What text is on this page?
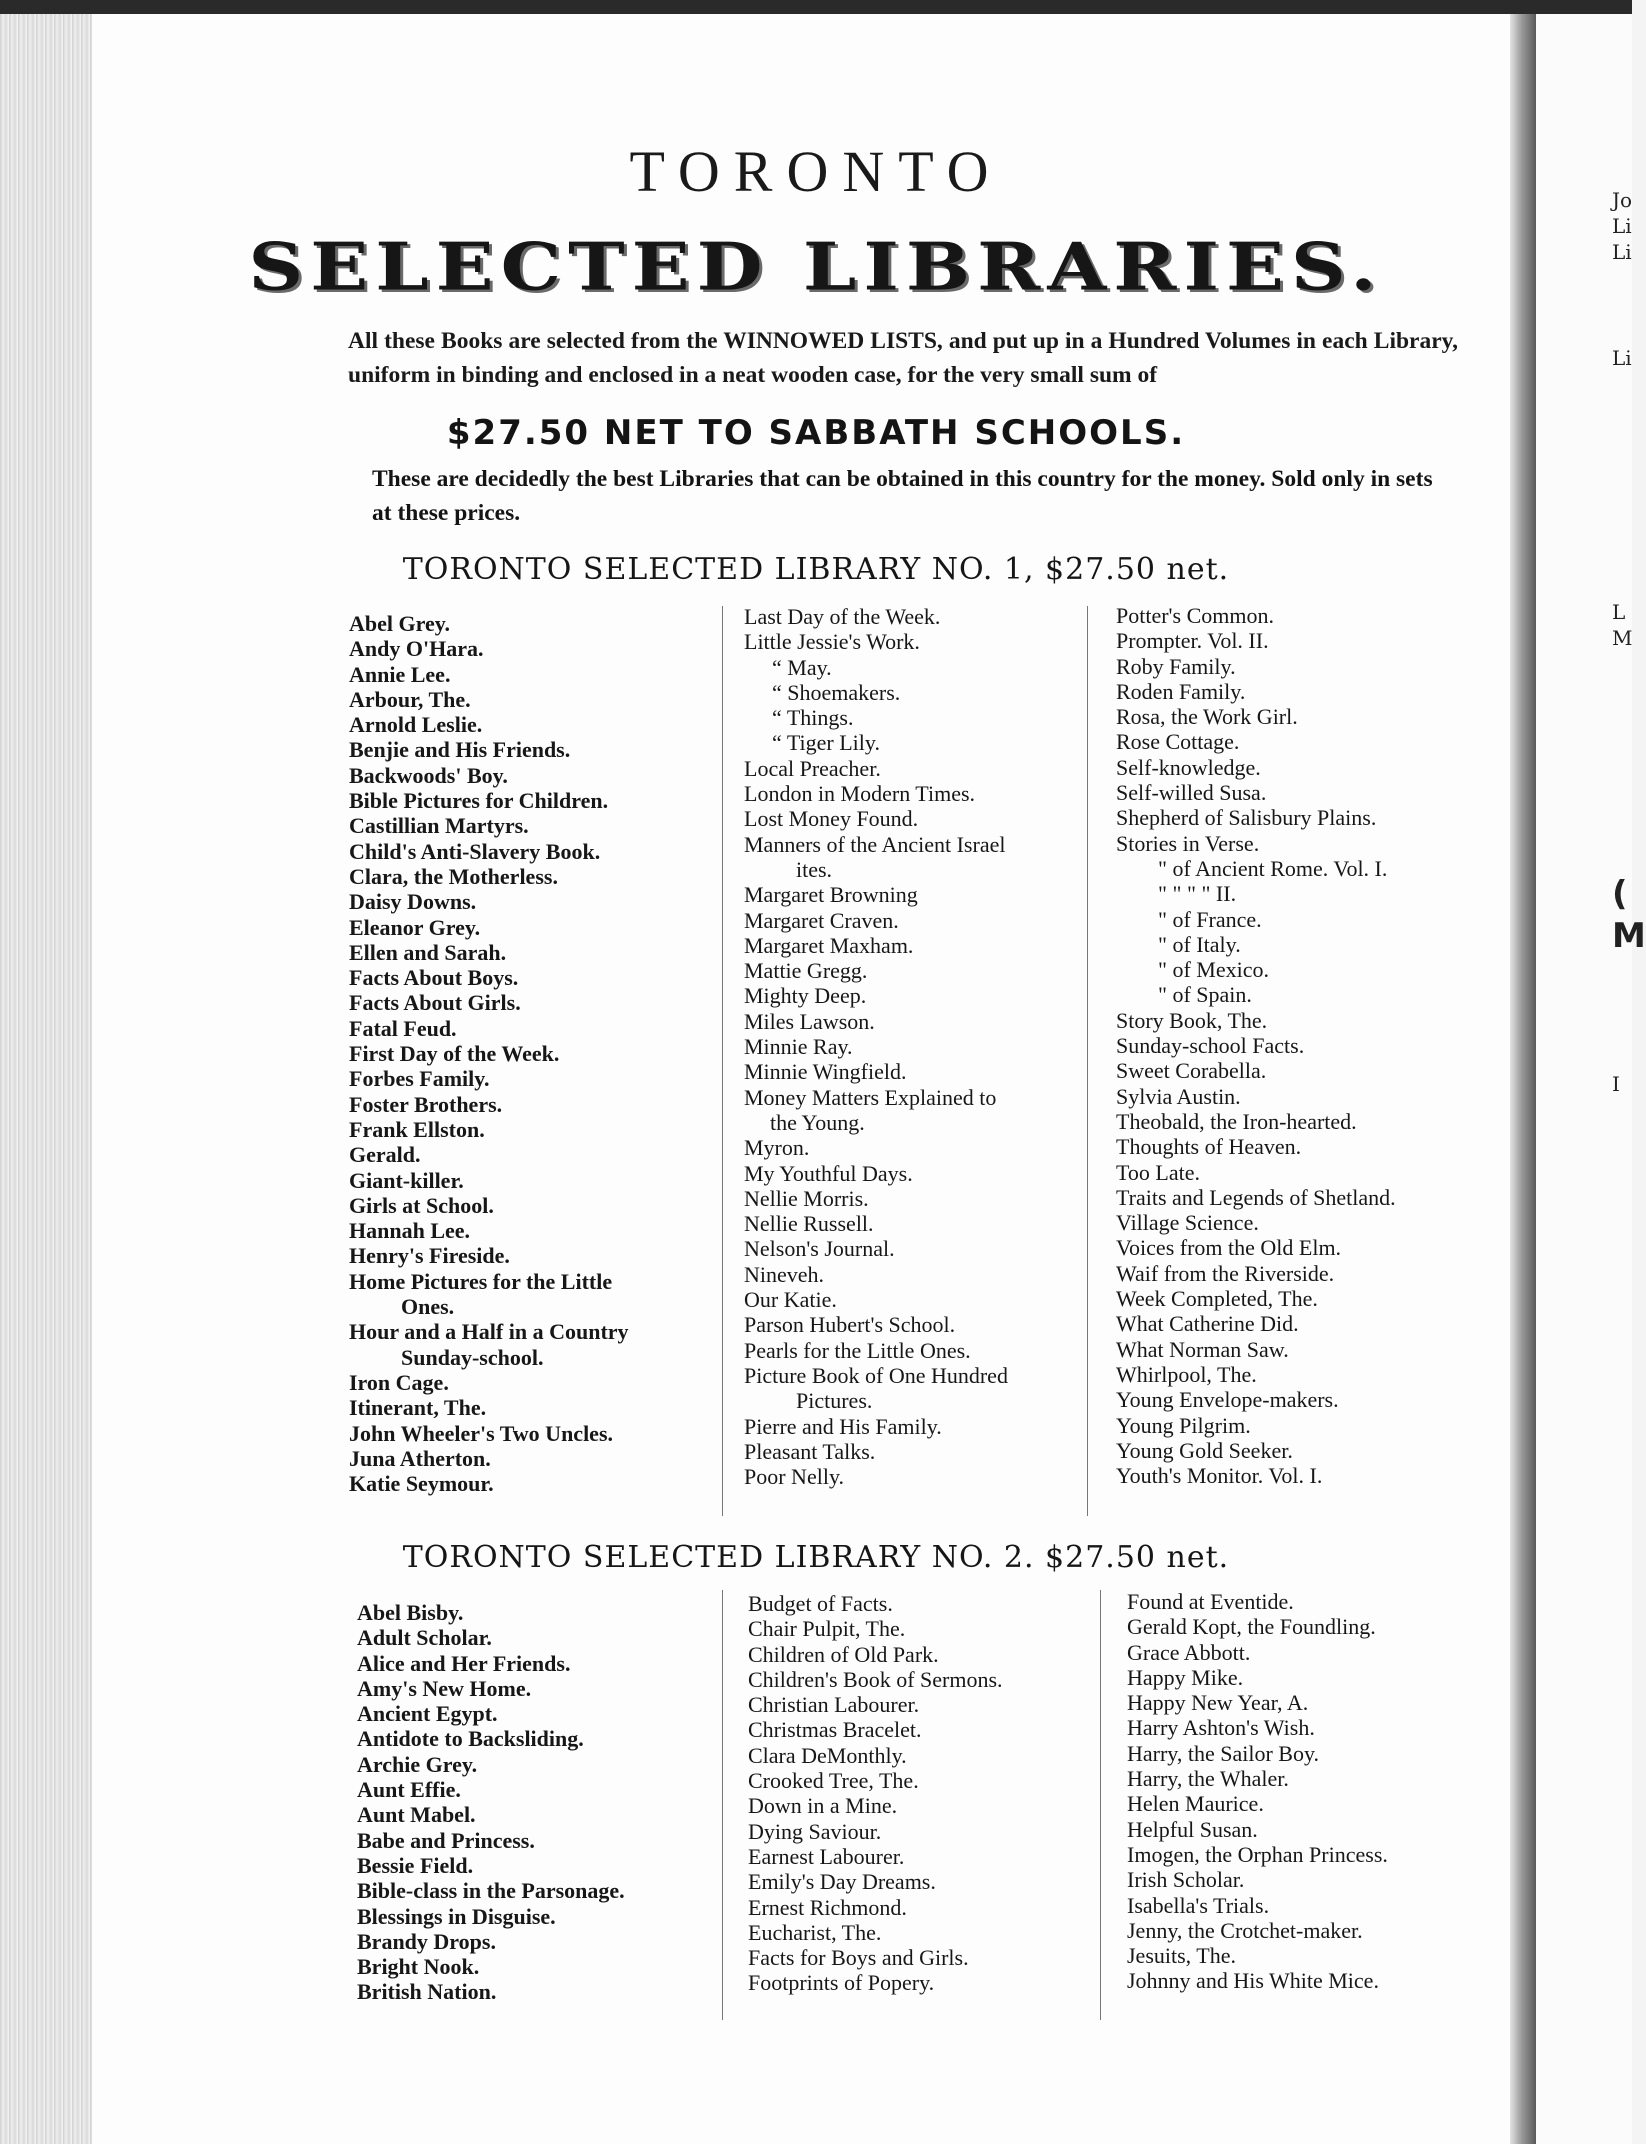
Jo
Li
Li
Li
L
M
(
M
I
TORONTO
SELECTED LIBRARIES.

All these Books are selected from the WINNOWED LISTS, and put up in a Hundred Volumes in each Library, uniform in binding and enclosed in a neat wooden case, for the very small sum of

$27.50 NET TO SABBATH SCHOOLS.
These are decidedly the best Libraries that can be obtained in this country for the money. Sold only in sets at these prices.
TORONTO SELECTED LIBRARY NO. 1, $27.50 net.
Abel Grey.
Andy O'Hara.
Annie Lee.
Arbour, The.
Arnold Leslie.
Benjie and His Friends.
Backwoods' Boy.
Bible Pictures for Children.
Castillian Martyrs.
Child's Anti-Slavery Book.
Clara, the Motherless.
Daisy Downs.
Eleanor Grey.
Ellen and Sarah.
Facts About Boys.
Facts About Girls.
Fatal Feud.
First Day of the Week.
Forbes Family.
Foster Brothers.
Frank Ellston.
Gerald.
Giant-killer.
Girls at School.
Hannah Lee.
Henry's Fireside.
Home Pictures for the Little
Ones.
Hour and a Half in a Country
Sunday-school.
Iron Cage.
Itinerant, The.
John Wheeler's Two Uncles.
Juna Atherton.
Katie Seymour.
Last Day of the Week.
Little Jessie's Work.
“ May.
“ Shoemakers.
“ Things.
“ Tiger Lily.
Local Preacher.
London in Modern Times.
Lost Money Found.
Manners of the Ancient Israel
ites.
Margaret Browning
Margaret Craven.
Margaret Maxham.
Mattie Gregg.
Mighty Deep.
Miles Lawson.
Minnie Ray.
Minnie Wingfield.
Money Matters Explained to
the Young.
Myron.
My Youthful Days.
Nellie Morris.
Nellie Russell.
Nelson's Journal.
Nineveh.
Our Katie.
Parson Hubert's School.
Pearls for the Little Ones.
Picture Book of One Hundred
Pictures.
Pierre and His Family.
Pleasant Talks.
Poor Nelly.
Potter's Common.
Prompter. Vol. II.
Roby Family.
Roden Family.
Rosa, the Work Girl.
Rose Cottage.
Self-knowledge.
Self-willed Susa.
Shepherd of Salisbury Plains.
Stories in Verse.
" of Ancient Rome. Vol. I.
" " " " II.
" of France.
" of Italy.
" of Mexico.
" of Spain.
Story Book, The.
Sunday-school Facts.
Sweet Corabella.
Sylvia Austin.
Theobald, the Iron-hearted.
Thoughts of Heaven.
Too Late.
Traits and Legends of Shetland.
Village Science.
Voices from the Old Elm.
Waif from the Riverside.
Week Completed, The.
What Catherine Did.
What Norman Saw.
Whirlpool, The.
Young Envelope-makers.
Young Pilgrim.
Young Gold Seeker.
Youth's Monitor. Vol. I.
TORONTO SELECTED LIBRARY NO. 2. $27.50 net.
Abel Bisby.
Adult Scholar.
Alice and Her Friends.
Amy's New Home.
Ancient Egypt.
Antidote to Backsliding.
Archie Grey.
Aunt Effie.
Aunt Mabel.
Babe and Princess.
Bessie Field.
Bible-class in the Parsonage.
Blessings in Disguise.
Brandy Drops.
Bright Nook.
British Nation.
Budget of Facts.
Chair Pulpit, The.
Children of Old Park.
Children's Book of Sermons.
Christian Labourer.
Christmas Bracelet.
Clara DeMonthly.
Crooked Tree, The.
Down in a Mine.
Dying Saviour.
Earnest Labourer.
Emily's Day Dreams.
Ernest Richmond.
Eucharist, The.
Facts for Boys and Girls.
Footprints of Popery.
Found at Eventide.
Gerald Kopt, the Foundling.
Grace Abbott.
Happy Mike.
Happy New Year, A.
Harry Ashton's Wish.
Harry, the Sailor Boy.
Harry, the Whaler.
Helen Maurice.
Helpful Susan.
Imogen, the Orphan Princess.
Irish Scholar.
Isabella's Trials.
Jenny, the Crotchet-maker.
Jesuits, The.
Johnny and His White Mice.
